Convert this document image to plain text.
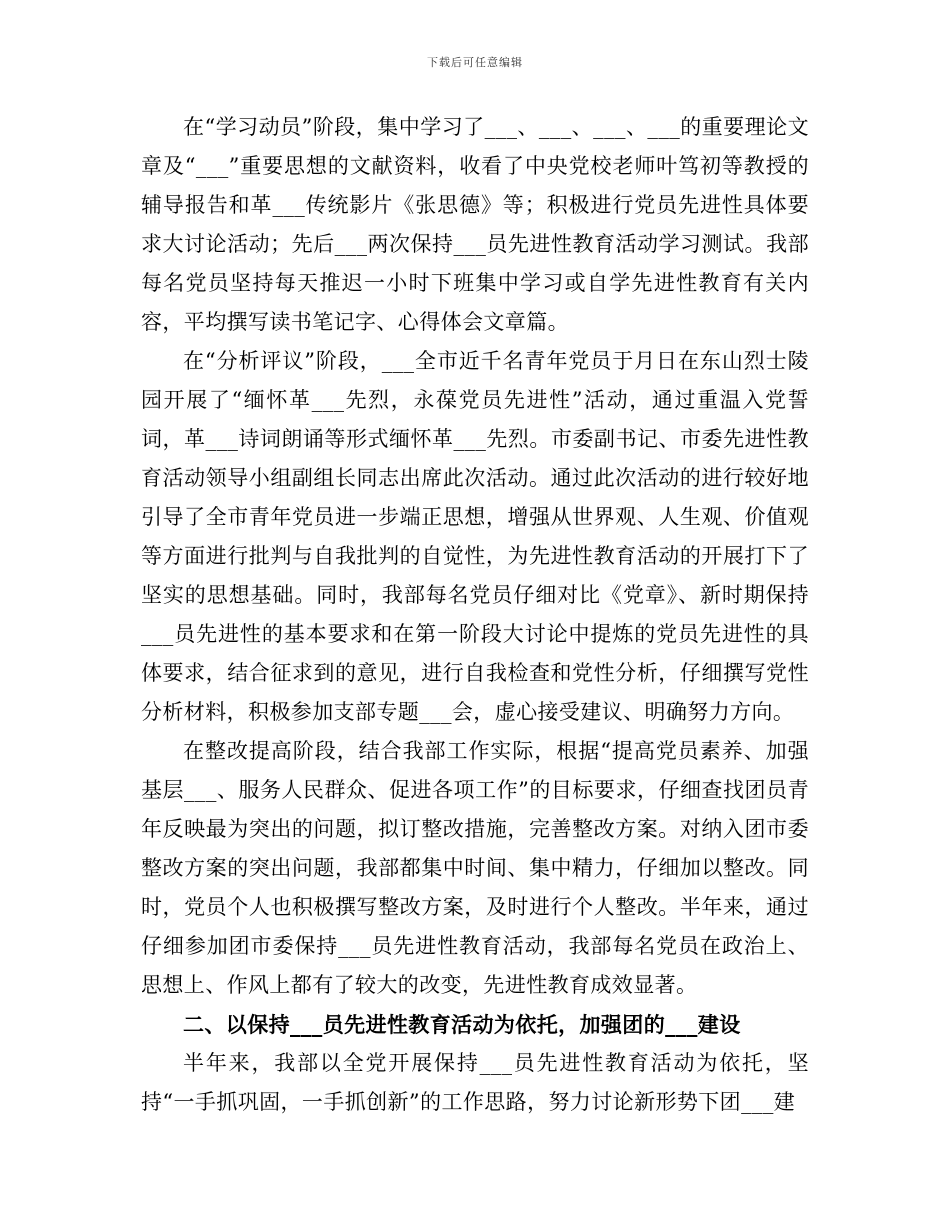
下载后可任意编辑

在“学习动员”阶段，集中学习了___、___、___、___的重要理论文章及“___”重要思想的文献资料，收看了中央党校老师叶笃初等教授的辅导报告和革___传统影片《张思德》等；积极进行党员先进性具体要求大讨论活动；先后___两次保持___员先进性教育活动学习测试。我部每名党员坚持每天推迟一小时下班集中学习或自学先进性教育有关内容，平均撰写读书笔记字、心得体会文章篇。

在“分析评议”阶段，___全市近千名青年党员于月日在东山烈士陵园开展了“缅怀革___先烈，永葆党员先进性”活动，通过重温入党誓词，革___诗词朗诵等形式缅怀革___先烈。市委副书记、市委先进性教育活动领导小组副组长同志出席此次活动。通过此次活动的进行较好地引导了全市青年党员进一步端正思想，增强从世界观、人生观、价值观等方面进行批判与自我批判的自觉性，为先进性教育活动的开展打下了坚实的思想基础。同时，我部每名党员仔细对比《党章》、新时期保持___员先进性的基本要求和在第一阶段大讨论中提炼的党员先进性的具体要求，结合征求到的意见，进行自我检查和党性分析，仔细撰写党性分析材料，积极参加支部专题___会，虚心接受建议、明确努力方向。

在整改提高阶段，结合我部工作实际，根据“提高党员素养、加强基层___、服务人民群众、促进各项工作”的目标要求，仔细查找团员青年反映最为突出的问题，拟订整改措施，完善整改方案。对纳入团市委整改方案的突出问题，我部都集中时间、集中精力，仔细加以整改。同时，党员个人也积极撰写整改方案，及时进行个人整改。半年来，通过仔细参加团市委保持___员先进性教育活动，我部每名党员在政治上、思想上、作风上都有了较大的改变，先进性教育成效显著。

二、以保持___员先进性教育活动为依托，加强团的___建设

半年来，我部以全党开展保持___员先进性教育活动为依托，坚持“一手抓巩固，一手抓创新”的工作思路，努力讨论新形势下团___建
